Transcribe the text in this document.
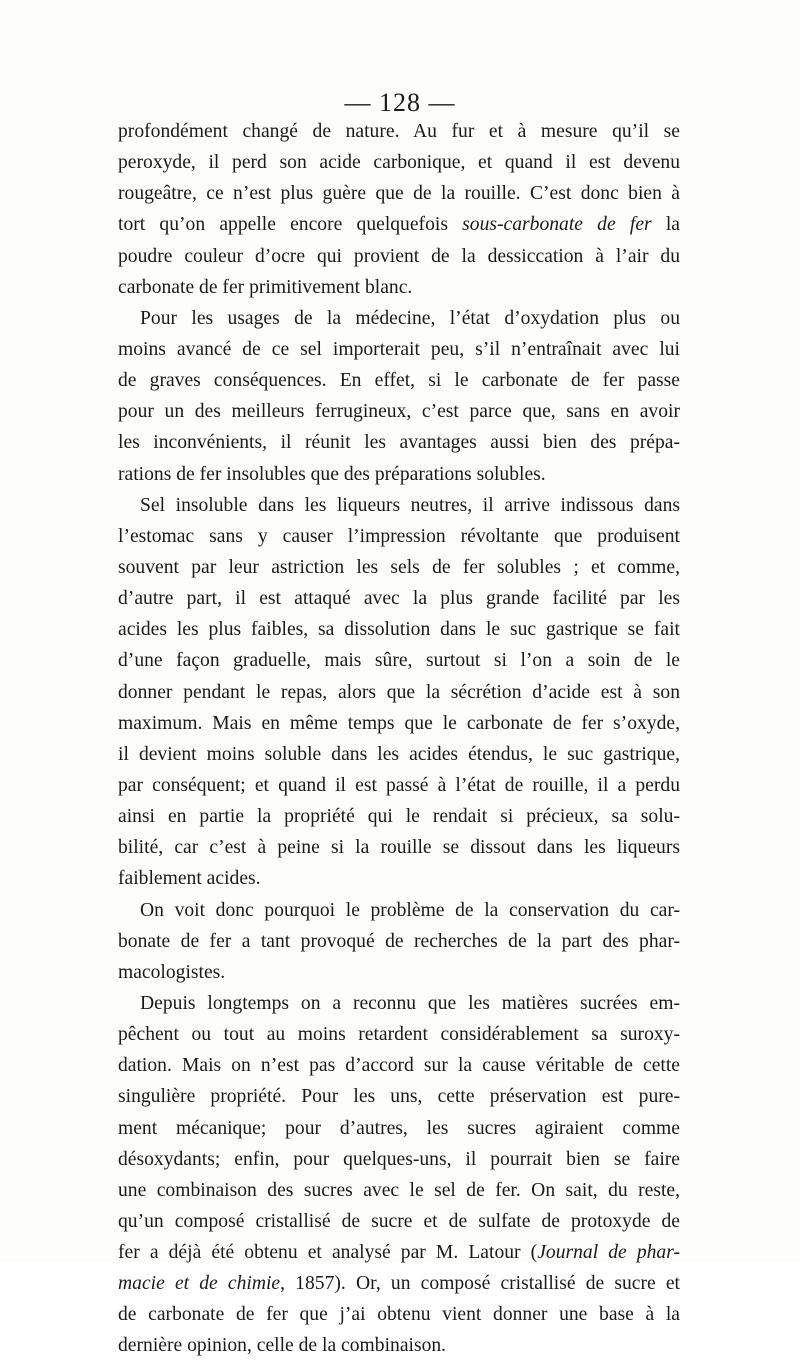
— 128 —
profondément changé de nature. Au fur et à mesure qu’il se
peroxyde, il perd son acide carbonique, et quand il est devenu
rougeâtre, ce n’est plus guère que de la rouille. C’est donc bien à
tort qu’on appelle encore quelquefois sous-carbonate de fer la
poudre couleur d’ocre qui provient de la dessiccation à l’air du
carbonate de fer primitivement blanc.
Pour les usages de la médecine, l’état d’oxydation plus ou
moins avancé de ce sel importerait peu, s’il n’entraînait avec lui
de graves conséquences. En effet, si le carbonate de fer passe
pour un des meilleurs ferrugineux, c’est parce que, sans en avoir
les inconvénients, il réunit les avantages aussi bien des prépa-
rations de fer insolubles que des préparations solubles.
Sel insoluble dans les liqueurs neutres, il arrive indissous dans
l’estomac sans y causer l’impression révoltante que produisent
souvent par leur astriction les sels de fer solubles ; et comme,
d’autre part, il est attaqué avec la plus grande facilité par les
acides les plus faibles, sa dissolution dans le suc gastrique se fait
d’une façon graduelle, mais sûre, surtout si l’on a soin de le
donner pendant le repas, alors que la sécrétion d’acide est à son
maximum. Mais en même temps que le carbonate de fer s’oxyde,
il devient moins soluble dans les acides étendus, le suc gastrique,
par conséquent; et quand il est passé à l’état de rouille, il a perdu
ainsi en partie la propriété qui le rendait si précieux, sa solu-
bilité, car c’est à peine si la rouille se dissout dans les liqueurs
faiblement acides.
On voit donc pourquoi le problème de la conservation du car-
bonate de fer a tant provoqué de recherches de la part des phar-
macologistes.
Depuis longtemps on a reconnu que les matières sucrées em-
pêchent ou tout au moins retardent considérablement sa suroxy-
dation. Mais on n’est pas d’accord sur la cause véritable de cette
singulière propriété. Pour les uns, cette préservation est pure-
ment mécanique; pour d’autres, les sucres agiraient comme
désoxydants; enfin, pour quelques-uns, il pourrait bien se faire
une combinaison des sucres avec le sel de fer. On sait, du reste,
qu’un composé cristallisé de sucre et de sulfate de protoxyde de
fer a déjà été obtenu et analysé par M. Latour (Journal de phar-
macie et de chimie, 1857). Or, un composé cristallisé de sucre et
de carbonate de fer que j’ai obtenu vient donner une base à la
dernière opinion, celle de la combinaison.
